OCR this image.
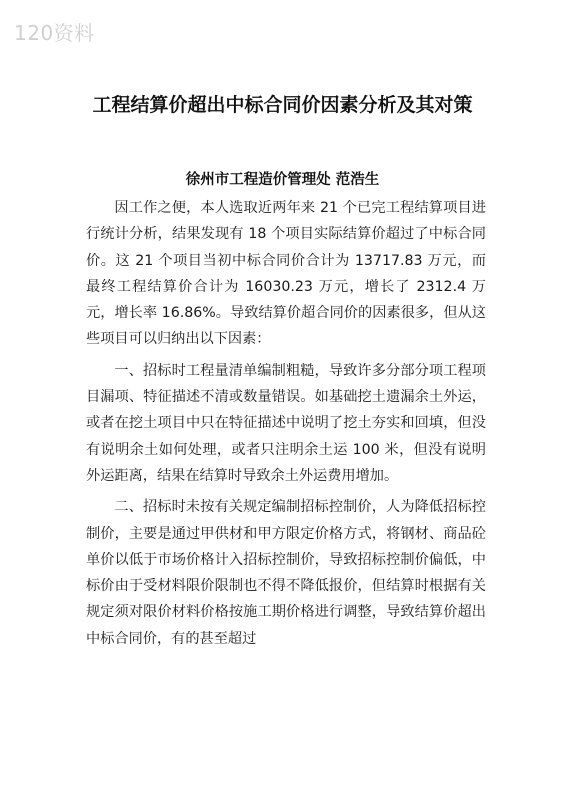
120资料
工程结算价超出中标合同价因素分析及其对策
徐州市工程造价管理处 范浩生

因工作之便，本人选取近两年来 21 个已完工程结算项目进行统计分析，结果发现有 18 个项目实际结算价超过了中标合同价。这 21 个项目当初中标合同价合计为 13717.83 万元，而最终工程结算价合计为 16030.23 万元，增长了 2312.4 万元，增长率 16.86%。导致结算价超合同价的因素很多，但从这些项目可以归纳出以下因素：

一、招标时工程量清单编制粗糙，导致许多分部分项工程项目漏项、特征描述不清或数量错误。如基础挖土遗漏余土外运，或者在挖土项目中只在特征描述中说明了挖土夯实和回填，但没有说明余土如何处理，或者只注明余土运 100 米，但没有说明外运距离，结果在结算时导致余土外运费用增加。

二、招标时未按有关规定编制招标控制价，人为降低招标控制价，主要是通过甲供材和甲方限定价格方式，将钢材、商品砼单价以低于市场价格计入招标控制价，导致招标控制价偏低，中标价由于受材料限价限制也不得不降低报价，但结算时根据有关规定须对限价材料价格按施工期价格进行调整，导致结算价超出中标合同价，有的甚至超过
